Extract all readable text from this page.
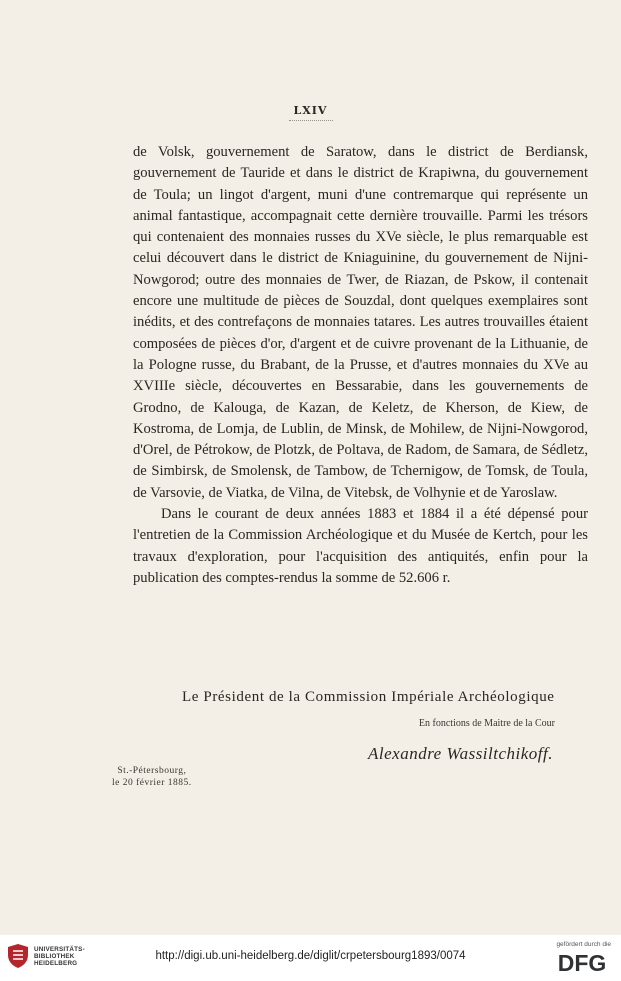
LXIV

de Volsk, gouvernement de Saratow, dans le district de Berdiansk, gouvernement de Tauride et dans le district de Krapiwna, du gouvernement de Toula; un lingot d'argent, muni d'une contremarque qui représente un animal fantastique, accompagnait cette dernière trouvaille. Parmi les trésors qui contenaient des monnaies russes du XVe siècle, le plus remarquable est celui découvert dans le district de Kniaguinine, du gouvernement de Nijni-Nowgorod; outre des monnaies de Twer, de Riazan, de Pskow, il contenait encore une multitude de pièces de Souzdal, dont quelques exemplaires sont inédits, et des contrefaçons de monnaies tatares. Les autres trouvailles étaient composées de pièces d'or, d'argent et de cuivre provenant de la Lithuanie, de la Pologne russe, du Brabant, de la Prusse, et d'autres monnaies du XVe au XVIIIe siècle, découvertes en Bessarabie, dans les gouvernements de Grodno, de Kalouga, de Kazan, de Keletz, de Kherson, de Kiew, de Kostroma, de Lomja, de Lublin, de Minsk, de Mohilew, de Nijni-Nowgorod, d'Orel, de Pétrokow, de Plotzk, de Poltava, de Radom, de Samara, de Sédletz, de Simbirsk, de Smolensk, de Tambow, de Tchernigow, de Tomsk, de Toula, de Varsovie, de Viatka, de Vilna, de Vitebsk, de Volhynie et de Yaroslaw.

Dans le courant de deux années 1883 et 1884 il a été dépensé pour l'entretien de la Commission Archéologique et du Musée de Kertch, pour les travaux d'exploration, pour l'acquisition des antiquités, enfin pour la publication des comptes-rendus la somme de 52.606 r.

Le Président de la Commission Impériale Archéologique
En fonctions de Maitre de la Cour
Alexandre Wassiltchikoff.
St.-Pétersbourg,
le 20 février 1885.
UNIVERSITÄTS-
BIBLIOTHEK
HEIDELBERG
http://digi.ub.uni-heidelberg.de/diglit/crpetersbourg1893/0074
gefördert durch die
DFG
